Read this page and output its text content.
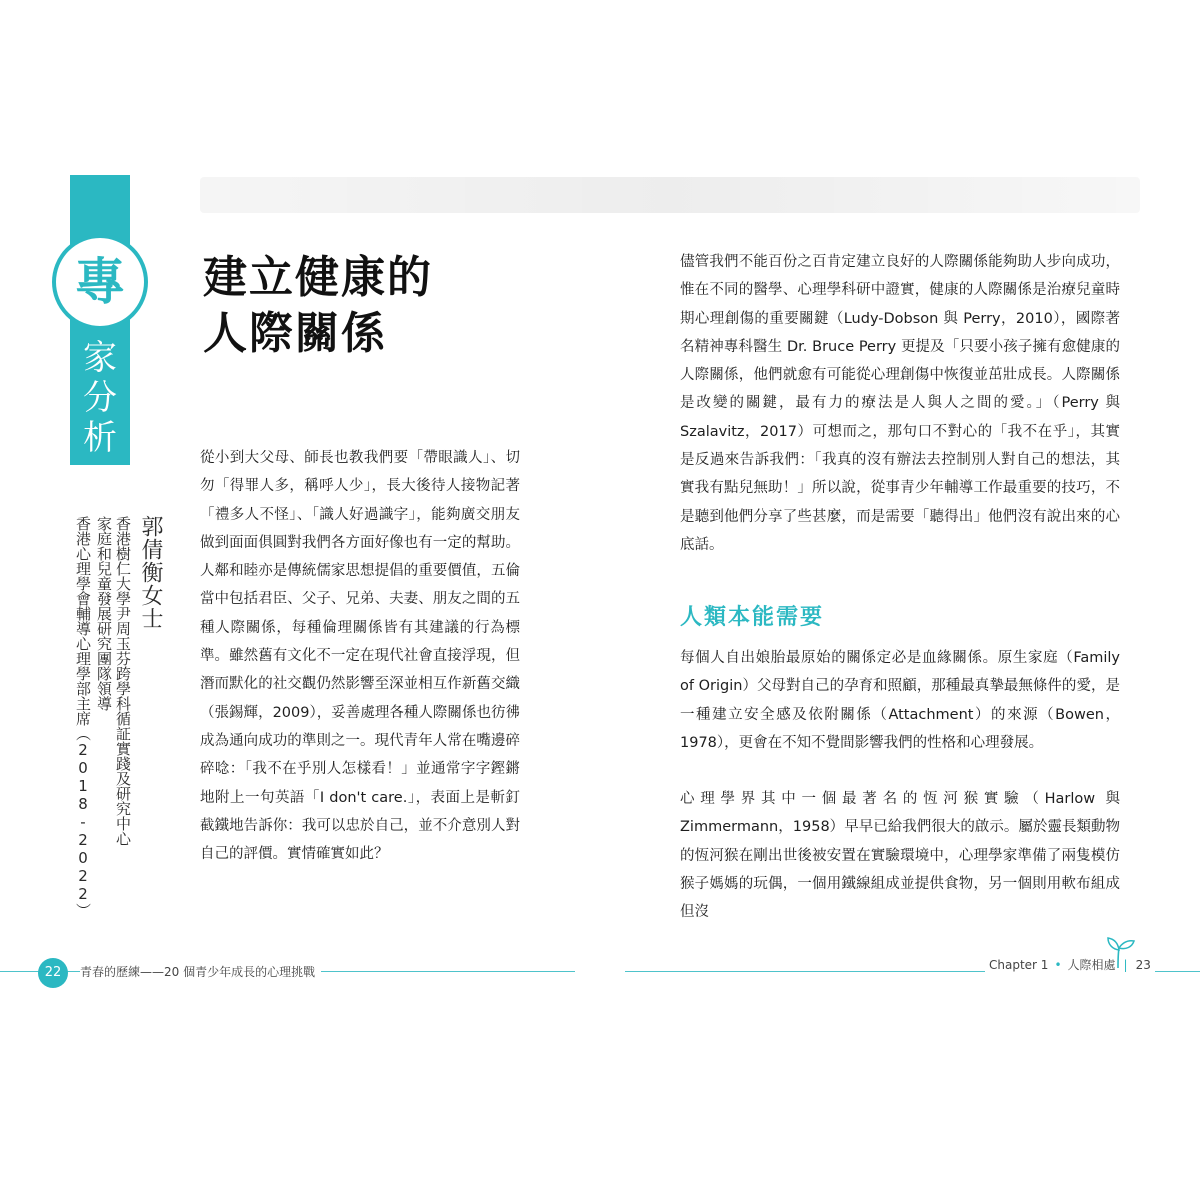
專
家
分
析
郭倩衡女士
香港樹仁大學尹周玉芬跨學科循証實踐及研究中心
家庭和兒童發展研究團隊領導
香港心理學會輔導心理學部主席（2018-2022）
建立健康的
人際關係
從小到大父母、師長也教我們要「帶眼識人」、切勿「得罪人多，稱呼人少」，長大後待人接物記著「禮多人不怪」、「識人好過識字」，能夠廣交朋友做到面面俱圓對我們各方面好像也有一定的幫助。人鄰和睦亦是傳統儒家思想提倡的重要價值，五倫當中包括君臣、父子、兄弟、夫妻、朋友之間的五種人際關係，每種倫理關係皆有其建議的行為標準。雖然舊有文化不一定在現代社會直接浮現，但潛而默化的社交觀仍然影響至深並相互作新舊交織（張錫輝，2009），妥善處理各種人際關係也彷彿成為通向成功的準則之一。現代青年人常在嘴邊碎碎唸：「我不在乎別人怎樣看！」並通常字字鏗鏘地附上一句英語「I don't care.」，表面上是斬釘截鐵地告訴你：我可以忠於自己，並不介意別人對自己的評價。實情確實如此？
儘管我們不能百份之百肯定建立良好的人際關係能夠助人步向成功，惟在不同的醫學、心理學科研中證實，健康的人際關係是治療兒童時期心理創傷的重要關鍵（Ludy-Dobson 與 Perry，2010），國際著名精神專科醫生 Dr. Bruce Perry 更提及「只要小孩子擁有愈健康的人際關係，他們就愈有可能從心理創傷中恢復並茁壯成長。人際關係是改變的關鍵，最有力的療法是人與人之間的愛。」（Perry 與 Szalavitz，2017）可想而之，那句口不對心的「我不在乎」，其實是反過來告訴我們：「我真的沒有辦法去控制別人對自己的想法，其實我有點兒無助！」所以說，從事青少年輔導工作最重要的技巧，不是聽到他們分享了些甚麼，而是需要「聽得出」他們沒有說出來的心底話。
人類本能需要
每個人自出娘胎最原始的關係定必是血緣關係。原生家庭（Family of Origin）父母對自己的孕育和照顧，那種最真摯最無條件的愛，是一種建立安全感及依附關係（Attachment）的來源（Bowen，1978），更會在不知不覺間影響我們的性格和心理發展。
心理學界其中一個最著名的恆河猴實驗（Harlow 與 Zimmermann，1958）早早已給我們很大的啟示。屬於靈長類動物的恆河猴在剛出世後被安置在實驗環境中，心理學家準備了兩隻模仿猴子媽媽的玩偶，一個用鐵線組成並提供食物，另一個則用軟布組成但沒
22	青春的歷練——20 個青少年成長的心理挑戰	Chapter 1 • 人際相處 | 23
